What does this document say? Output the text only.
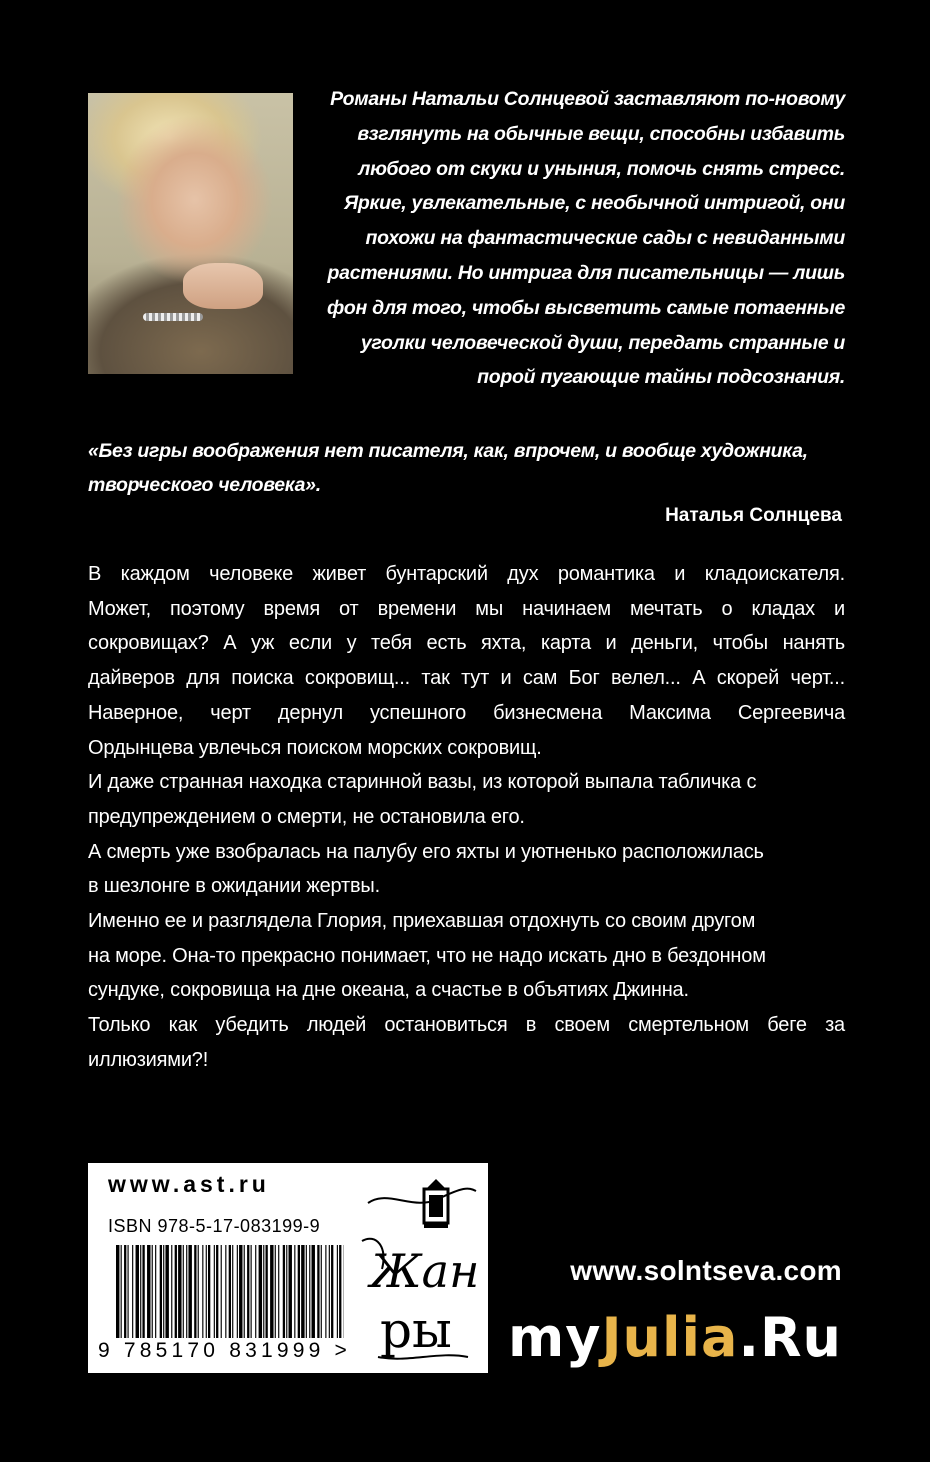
Романы Натальи Солнцевой заставляют по-новому
взглянуть на обычные вещи, способны избавить
любого от скуки и уныния, помочь снять стресс.
Яркие, увлекательные, с необычной интригой, они
похожи на фантастические сады с невиданными
растениями. Но интрига для писательницы — лишь
фон для того, чтобы высветить самые потаенные
уголки человеческой души, передать странные и
порой пугающие тайны подсознания.
«Без игры воображения нет писателя, как, впрочем, и вообще художника,
творческого человека».
Наталья Солнцева
В каждом человеке живет бунтарский дух романтика и кладоискателя.
Может, поэтому время от времени мы начинаем мечтать о кладах и
сокровищах? А уж если у тебя есть яхта, карта и деньги, чтобы нанять
дайверов для поиска сокровищ... так тут и сам Бог велел... А скорей черт...
Наверное, черт дернул успешного бизнесмена Максима Сергеевича
Ордынцева увлечься поиском морских сокровищ.
И даже странная находка старинной вазы, из которой выпала табличка с
предупреждением о смерти, не остановила его.
А смерть уже взобралась на палубу его яхты и уютненько расположилась
в шезлонге в ожидании жертвы.
Именно ее и разглядела Глория, приехавшая отдохнуть со своим другом
на море. Она-то прекрасно понимает, что не надо искать дно в бездонном
сундуке, сокровища на дне океана, а счастье в объятиях Джинна.
Только как убедить людей остановиться в своем смертельном беге за
иллюзиями?!
www.ast.ru
ISBN 978-5-17-083199-9
9 785170 831999 >
Жан
ры
www.solntseva.com
myJulia.Ru
